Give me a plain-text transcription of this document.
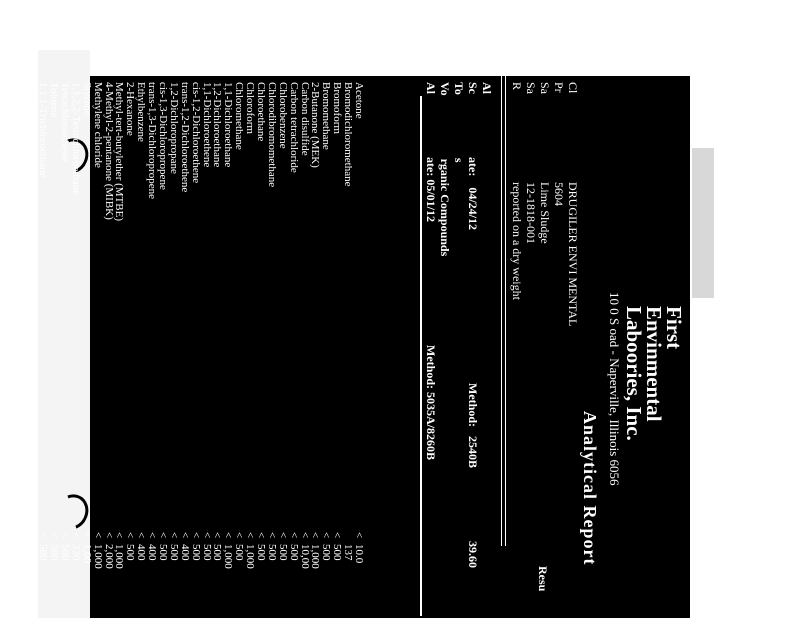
First
Envinmental
Laboories, Inc.
10 0 S oad - Naperville, Illinois 6056
Analytical Report
ClDRUGILER ENVI MENTAL
Pr5604
SaLime Sludge
Sa12-1818-001
Rreported on a dry weight
Al
Sc ate: 04/24/12 Method: 2540B 39.60
To s
Vo rganic Compounds
Al ate: 05/01/12 Method: 5035A/8260B
Resu
Acetone
<
10.0
Bromodichloromethane
137
Bromoform
<
500
Bromomethane
<
500
2-Butanone (MEK)
<
1,000
Carbon disulfide
<
10,00
Carbon tetrachloride
<
500
Chlorobenzene
<
500
Chlorodibromomethane
<
500
Chloroethane
<
500
Chloroform
<
1,000
Chloromethane
<
500
1,1-Dichloroethane
<
1,000
1,2-Dichloroethane
<
500
1,1-Dichloroethene
<
500
cis-1,2-Dichloroethene
<
500
trans-1,2-Dichloroethene
<
400
1,2-Dichloropropane
<
500
cis-1,3-Dichloropropene
<
500
trans-1,3-Dichloropropene
<
400
Ethylbenzene
<
400
2-Hexanone
<
500
Methyl-tert-butylether (MTBE)
<
1,000
4-Methyl-2-pentanone (MIBK)
<
2,000
Methylene chloride
<
1,000
Styrene
<
1,00
1,1,2,2-Tetrachloroethane
<
320
Tetrachloroethene
<
500
Toluene
<
500
1,1,1-Trichloroethane
<
500
1,1,2-Trichloroethane
<
500
Trichloroethene
<
500
